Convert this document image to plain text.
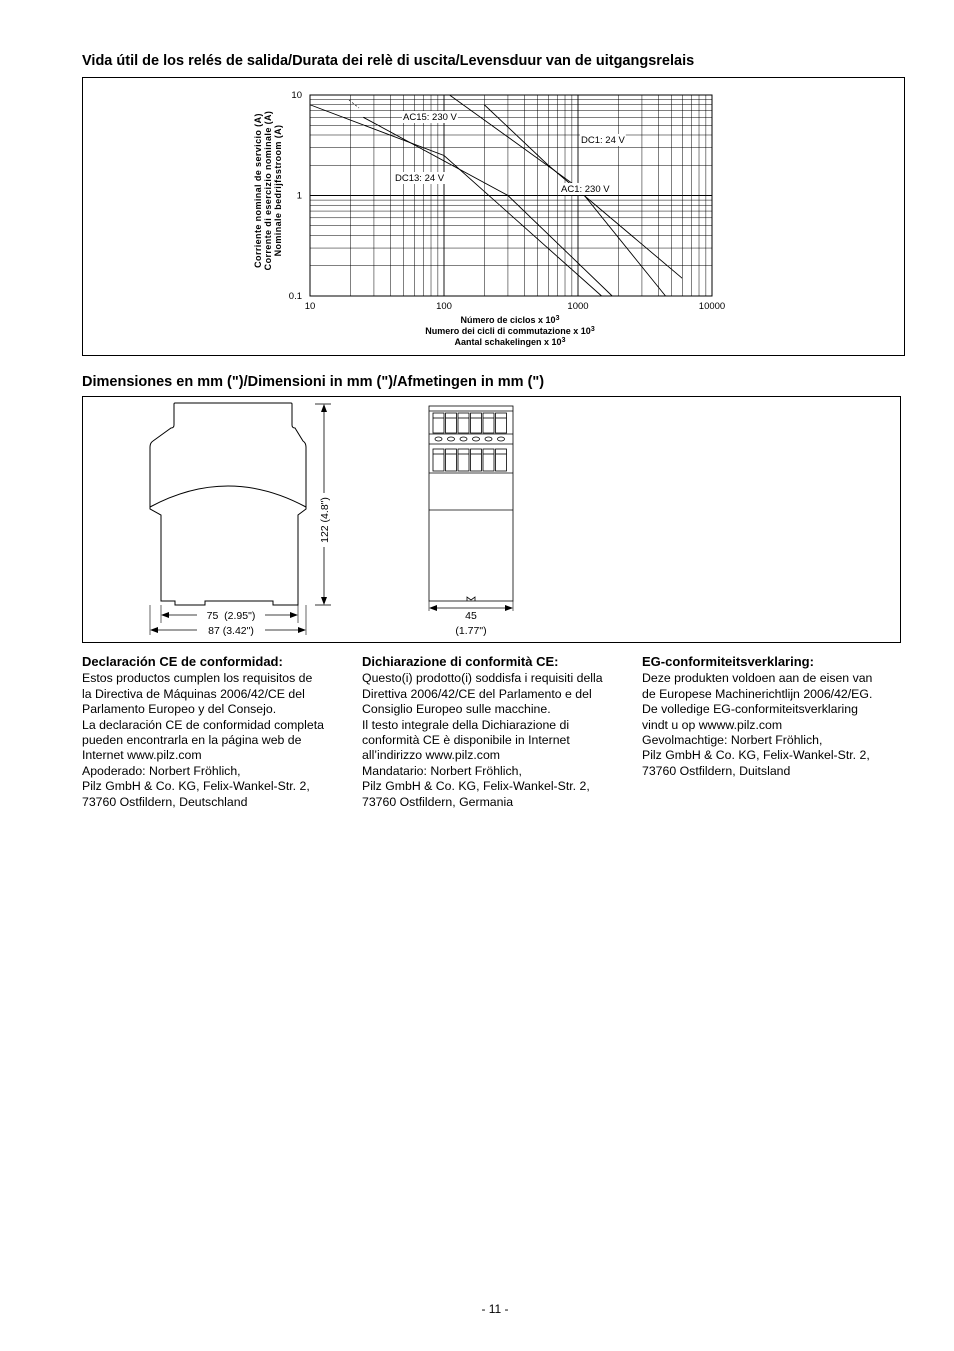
Vida útil de los relés de salida/Durata dei relè di uscita/Levensduur van de uitgangsrelais
10	100	1000	10000
0.1
1
10
Corriente nominal de servicio (A) Corrente di esercizio nominale (A) Nominale bedrijfsstroom (A)
Número de ciclos x $10^3$
Numero dei cicli di commutazione x $10^3$
Aantal schakelingen x $10^3$
AC15: 230 V
DC1: 24 V
DC13: 24 V
AC1: 230 V
Dimensiones en mm (")/Dimensioni in mm (")/Afmetingen in mm (")
122 (4.8")
75  (2.95")
87 (3.42")
45
(1.77")
Declaración CE de conformidad:
Estos productos cumplen los requisitos de
la Directiva de Máquinas 2006/42/CE del
Parlamento Europeo y del Consejo.
La declaración CE de conformidad completa
pueden encontrarla en la página web de
Internet www.pilz.com
Apoderado: Norbert Fröhlich,
Pilz GmbH & Co. KG, Felix-Wankel-Str. 2,
73760 Ostfildern, Deutschland
Dichiarazione di conformità CE:
Questo(i) prodotto(i) soddisfa i requisiti della
Direttiva 2006/42/CE del Parlamento e del
Consiglio Europeo sulle macchine.
Il testo integrale della Dichiarazione di
conformità CE è disponibile in Internet
all’indirizzo www.pilz.com
Mandatario: Norbert Fröhlich,
Pilz GmbH & Co. KG, Felix-Wankel-Str. 2,
73760 Ostfildern, Germania
EG-conformiteitsverklaring:
Deze produkten voldoen aan de eisen van
de Europese Machinerichtlijn 2006/42/EG.
De volledige EG-conformiteitsverklaring
vindt u op wwww.pilz.com
Gevolmachtige: Norbert Fröhlich,
Pilz GmbH & Co. KG, Felix-Wankel-Str. 2,
73760 Ostfildern, Duitsland
- 11 -
